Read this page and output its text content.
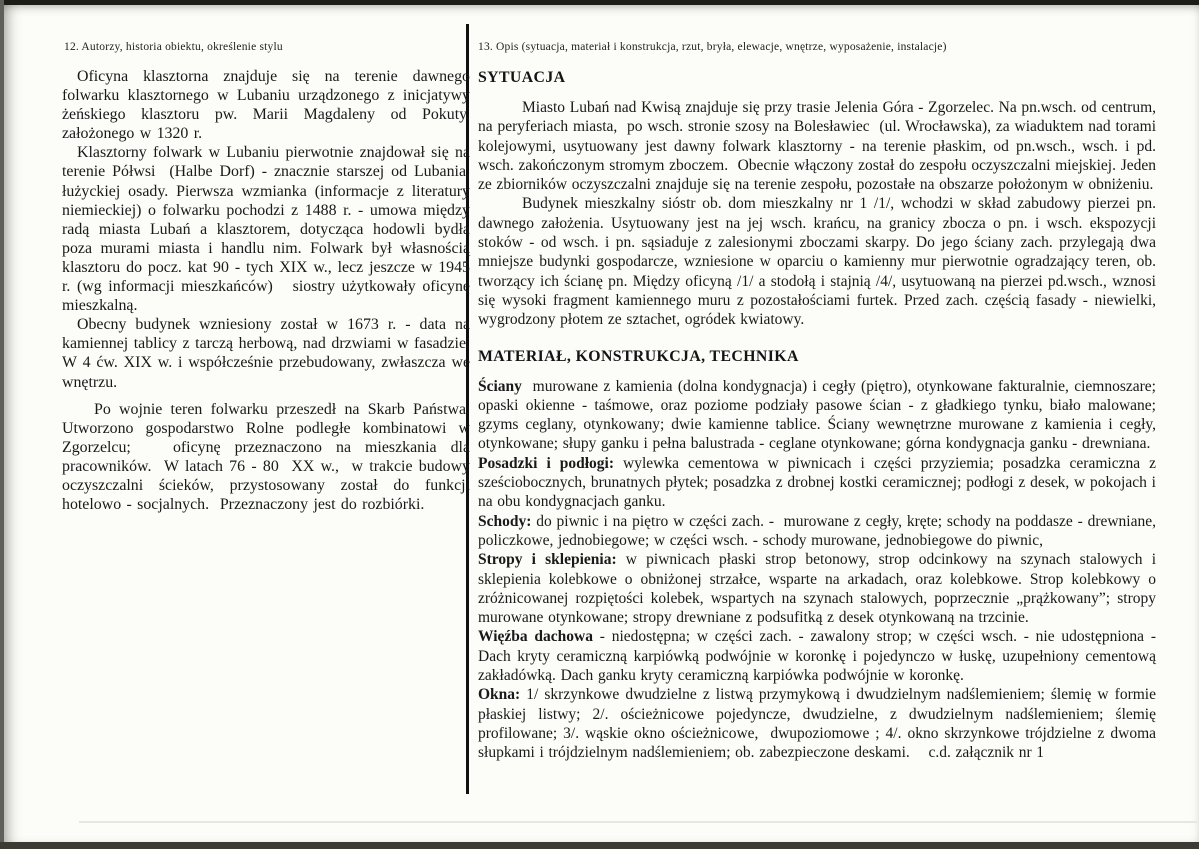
12. Autorzy, historia obiektu, określenie stylu

Oficyna klasztorna znajduje się na terenie dawnego folwarku klasztornego w Lubaniu urządzonego z inicjatywy żeńskiego klasztoru pw. Marii Magdaleny od Pokuty, założonego w 1320 r.

Klasztorny folwark w Lubaniu pierwotnie znajdował się na terenie Półwsi  (Halbe Dorf) - znacznie starszej od Lubania, łużyckiej osady. Pierwsza wzmianka (informacje z literatury niemieckiej) o folwarku pochodzi z 1488 r. - umowa między radą miasta Lubań a klasztorem, dotycząca hodowli bydła poza murami miasta i handlu nim. Folwark był własnością klasztoru do pocz. kat 90 - tych XIX w., lecz jeszcze w 1945 r. (wg informacji mieszkańców)   siostry użytkowały oficynę mieszkalną.

Obecny budynek wzniesiony został w 1673 r. - data na kamiennej tablicy z tarczą herbową, nad drzwiami w fasadzie. W 4 ćw. XIX w. i współcześnie przebudowany, zwłaszcza we wnętrzu.

Po wojnie teren folwarku przeszedł na Skarb Państwa. Utworzono gospodarstwo Rolne podległe kombinatowi w Zgorzelcu;   oficynę przeznaczono na mieszkania dla pracowników.  W latach 76 - 80  XX w.,  w trakcie budowy oczyszczalni ścieków, przystosowany został do funkcji hotelowo - socjalnych.  Przeznaczony jest do rozbiórki.

13. Opis (sytuacja, materiał i konstrukcja, rzut, bryła, elewacje, wnętrze, wyposażenie, instalacje)
SYTUACJA

Miasto Lubań nad Kwisą znajduje się przy trasie Jelenia Góra - Zgorzelec. Na pn.wsch. od centrum, na peryferiach miasta,  po wsch. stronie szosy na Bolesławiec  (ul. Wrocławska), za wiaduktem nad torami kolejowymi, usytuowany jest dawny folwark klasztorny - na terenie płaskim, od pn.wsch., wsch. i pd. wsch. zakończonym stromym zboczem.  Obecnie włączony został do zespołu oczyszczalni miejskiej. Jeden ze zbiorników oczyszczalni znajduje się na terenie zespołu, pozostałe na obszarze położonym w obniżeniu.

Budynek mieszkalny sióstr ob. dom mieszkalny nr 1 /1/, wchodzi w skład zabudowy pierzei pn. dawnego założenia. Usytuowany jest na jej wsch. krańcu, na granicy zbocza o pn. i wsch. ekspozycji stoków - od wsch. i pn. sąsiaduje z zalesionymi zboczami skarpy. Do jego ściany zach. przylegają dwa mniejsze budynki gospodarcze, wzniesione w oparciu o kamienny mur pierwotnie ogradzający teren, ob. tworzący ich ścianę pn. Między oficyną /1/ a stodołą i stajnią /4/, usytuowaną na pierzei pd.wsch., wznosi się wysoki fragment kamiennego muru z pozostałościami furtek. Przed zach. częścią fasady - niewielki, wygrodzony płotem ze sztachet, ogródek kwiatowy.

MATERIAŁ, KONSTRUKCJA, TECHNIKA

Ściany  murowane z kamienia (dolna kondygnacja) i cegły (piętro), otynkowane fakturalnie, ciemnoszare; opaski okienne - taśmowe, oraz poziome podziały pasowe ścian - z gładkiego tynku, biało malowane; gzyms ceglany, otynkowany; dwie kamienne tablice. Ściany wewnętrzne murowane z kamienia i cegły, otynkowane; słupy ganku i pełna balustrada - ceglane otynkowane; górna kondygnacja ganku - drewniana.

Posadzki i podłogi: wylewka cementowa w piwnicach i części przyziemia; posadzka ceramiczna z sześciobocznych, brunatnych płytek; posadzka z drobnej kostki ceramicznej; podłogi z desek, w pokojach i na obu kondygnacjach ganku.

Schody: do piwnic i na piętro w części zach. -  murowane z cegły, kręte; schody na poddasze - drewniane, policzkowe, jednobiegowe; w części wsch. - schody murowane, jednobiegowe do piwnic,

Stropy i sklepienia: w piwnicach płaski strop betonowy, strop odcinkowy na szynach stalowych i sklepienia kolebkowe o obniżonej strzałce, wsparte na arkadach, oraz kolebkowe. Strop kolebkowy o zróżnicowanej rozpiętości kolebek, wspartych na szynach stalowych, poprzecznie „prążkowany”; stropy murowane otynkowane; stropy drewniane z podsufitką z desek otynkowaną na trzcinie.

Więźba dachowa - niedostępna; w części zach. - zawalony strop; w części wsch. - nie udostępniona - Dach kryty ceramiczną karpiówką podwójnie w koronkę i pojedynczo w łuskę, uzupełniony cementową zakładówką. Dach ganku kryty ceramiczną karpiówka podwójnie w koronkę.

Okna: 1/ skrzynkowe dwudzielne z listwą przymykową i dwudzielnym nadślemieniem; ślemię w formie płaskiej listwy; 2/. ościeżnicowe pojedyncze, dwudzielne, z dwudzielnym nadślemieniem; ślemię profilowane; 3/. wąskie okno ościeżnicowe,  dwupoziomowe ; 4/. okno skrzynkowe trójdzielne z dwoma słupkami i trójdzielnym nadślemieniem; ob. zabezpieczone deskami.    c.d. załącznik nr 1
